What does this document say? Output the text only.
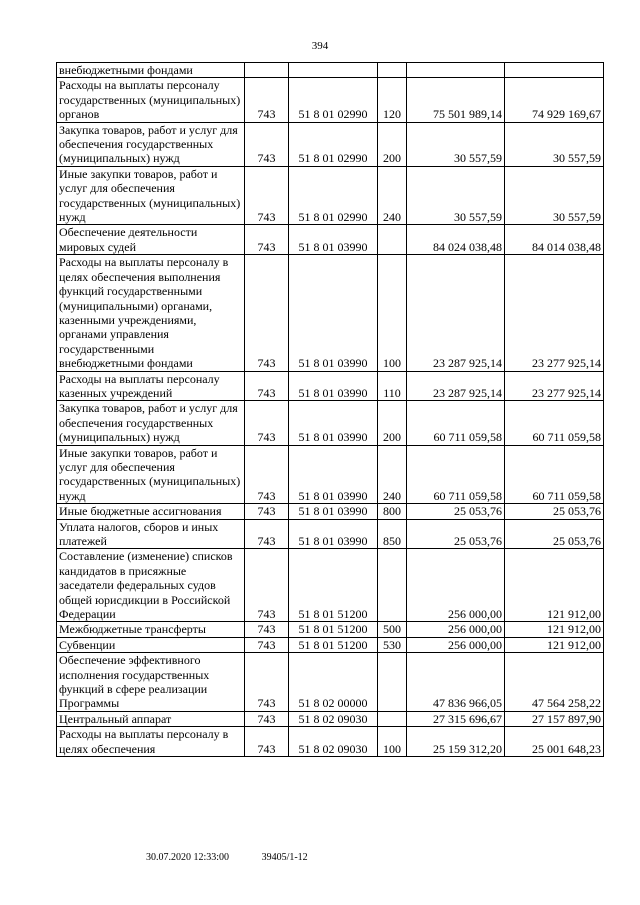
394
внебюджетными фондами					
Расходы на выплаты персоналу государственных (муниципальных) органов	743	51 8 01 02990	120	75 501 989,14	74 929 169,67
Закупка товаров, работ и услуг для обеспечения государственных (муниципальных) нужд	743	51 8 01 02990	200	30 557,59	30 557,59
Иные закупки товаров, работ и услуг для обеспечения государственных (муниципальных) нужд	743	51 8 01 02990	240	30 557,59	30 557,59
Обеспечение деятельности мировых судей	743	51 8 01 03990		84 024 038,48	84 014 038,48
Расходы на выплаты персоналу в целях обеспечения выполнения функций государственными (муниципальными) органами, казенными учреждениями, органами управления государственными внебюджетными фондами	743	51 8 01 03990	100	23 287 925,14	23 277 925,14
Расходы на выплаты персоналу казенных учреждений	743	51 8 01 03990	110	23 287 925,14	23 277 925,14
Закупка товаров, работ и услуг для обеспечения государственных (муниципальных) нужд	743	51 8 01 03990	200	60 711 059,58	60 711 059,58
Иные закупки товаров, работ и услуг для обеспечения государственных (муниципальных) нужд	743	51 8 01 03990	240	60 711 059,58	60 711 059,58
Иные бюджетные ассигнования	743	51 8 01 03990	800	25 053,76	25 053,76
Уплата налогов, сборов и иных платежей	743	51 8 01 03990	850	25 053,76	25 053,76
Составление (изменение) списков кандидатов в присяжные заседатели федеральных судов общей юрисдикции в Российской Федерации	743	51 8 01 51200		256 000,00	121 912,00
Межбюджетные трансферты	743	51 8 01 51200	500	256 000,00	121 912,00
Субвенции	743	51 8 01 51200	530	256 000,00	121 912,00
Обеспечение эффективного исполнения государственных функций в сфере реализации Программы	743	51 8 02 00000		47 836 966,05	47 564 258,22
Центральный аппарат	743	51 8 02 09030		27 315 696,67	27 157 897,90
Расходы на выплаты персоналу в целях обеспечения	743	51 8 02 09030	100	25 159 312,20	25 001 648,23
30.07.2020 12:33:00	39405/1-12
